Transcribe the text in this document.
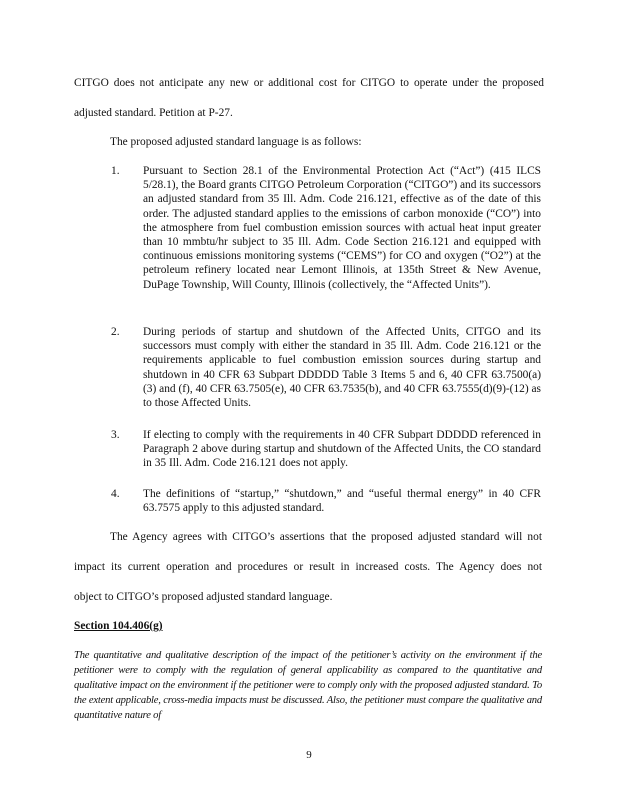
CITGO does not anticipate any new or additional cost for CITGO to operate under the proposed
adjusted standard. Petition at P-27.
The proposed adjusted standard language is as follows:
1. Pursuant to Section 28.1 of the Environmental Protection Act (“Act”) (415 ILCS 5/28.1), the Board grants CITGO Petroleum Corporation (“CITGO”) and its successors an adjusted standard from 35 Ill. Adm. Code 216.121, effective as of the date of this order. The adjusted standard applies to the emissions of carbon monoxide (“CO”) into the atmosphere from fuel combustion emission sources with actual heat input greater than 10 mmbtu/hr subject to 35 Ill. Adm. Code Section 216.121 and equipped with continuous emissions monitoring systems (“CEMS”) for CO and oxygen (“O2”) at the petroleum refinery located near Lemont Illinois, at 135th Street & New Avenue, DuPage Township, Will County, Illinois (collectively, the “Affected Units”).
2. During periods of startup and shutdown of the Affected Units, CITGO and its successors must comply with either the standard in 35 Ill. Adm. Code 216.121 or the requirements applicable to fuel combustion emission sources during startup and shutdown in 40 CFR 63 Subpart DDDDD Table 3 Items 5 and 6, 40 CFR 63.7500(a)(3) and (f), 40 CFR 63.7505(e), 40 CFR 63.7535(b), and 40 CFR 63.7555(d)(9)-(12) as to those Affected Units.
3. If electing to comply with the requirements in 40 CFR Subpart DDDDD referenced in Paragraph 2 above during startup and shutdown of the Affected Units, the CO standard in 35 Ill. Adm. Code 216.121 does not apply.
4. The definitions of “startup,” “shutdown,” and “useful thermal energy” in 40 CFR 63.7575 apply to this adjusted standard.
The Agency agrees with CITGO’s assertions that the proposed adjusted standard will not
impact its current operation and procedures or result in increased costs. The Agency does not
object to CITGO’s proposed adjusted standard language.
Section 104.406(g)
The quantitative and qualitative description of the impact of the petitioner’s activity on the environment if the petitioner were to comply with the regulation of general applicability as compared to the quantitative and qualitative impact on the environment if the petitioner were to comply only with the proposed adjusted standard. To the extent applicable, cross-media impacts must be discussed. Also, the petitioner must compare the qualitative and quantitative nature of
9
